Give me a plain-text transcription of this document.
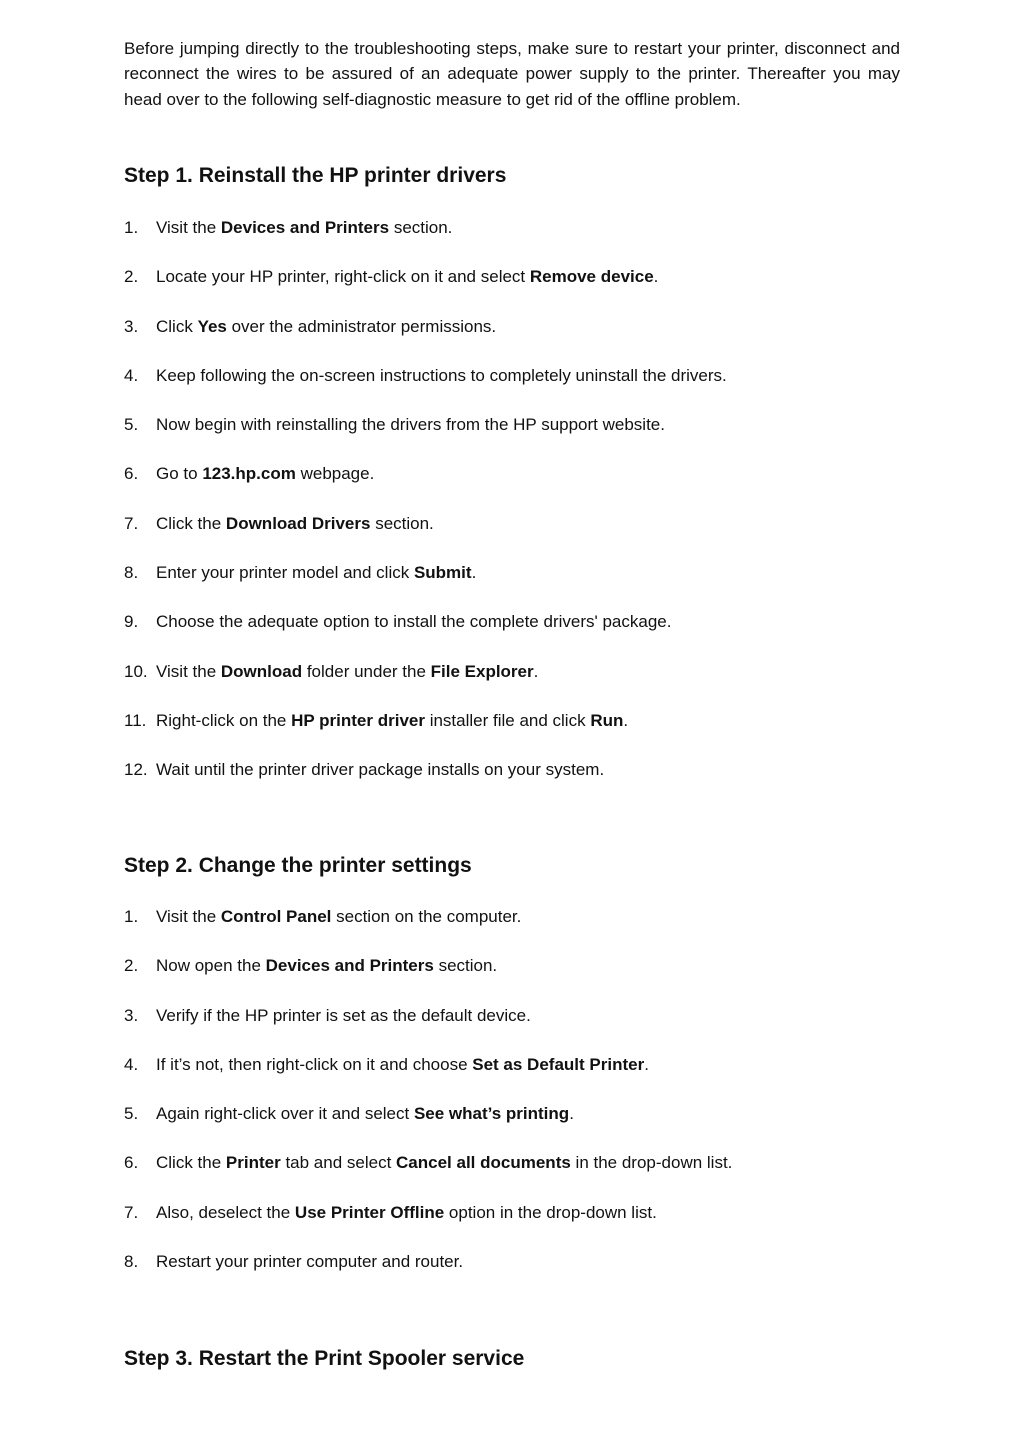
Before jumping directly to the troubleshooting steps, make sure to restart your printer, disconnect and reconnect the wires to be assured of an adequate power supply to the printer. Thereafter you may head over to the following self-diagnostic measure to get rid of the offline problem.

Step 1. Reinstall the HP printer drivers
1. Visit the Devices and Printers section.
2. Locate your HP printer, right-click on it and select Remove device.
3. Click Yes over the administrator permissions.
4. Keep following the on-screen instructions to completely uninstall the drivers.
5. Now begin with reinstalling the drivers from the HP support website.
6. Go to 123.hp.com webpage.
7. Click the Download Drivers section.
8. Enter your printer model and click Submit.
9. Choose the adequate option to install the complete drivers' package.
10. Visit the Download folder under the File Explorer.
11. Right-click on the HP printer driver installer file and click Run.
12. Wait until the printer driver package installs on your system.
Step 2. Change the printer settings
1. Visit the Control Panel section on the computer.
2. Now open the Devices and Printers section.
3. Verify if the HP printer is set as the default device.
4. If it’s not, then right-click on it and choose Set as Default Printer.
5. Again right-click over it and select See what’s printing.
6. Click the Printer tab and select Cancel all documents in the drop-down list.
7. Also, deselect the Use Printer Offline option in the drop-down list.
8. Restart your printer computer and router.
Step 3. Restart the Print Spooler service
